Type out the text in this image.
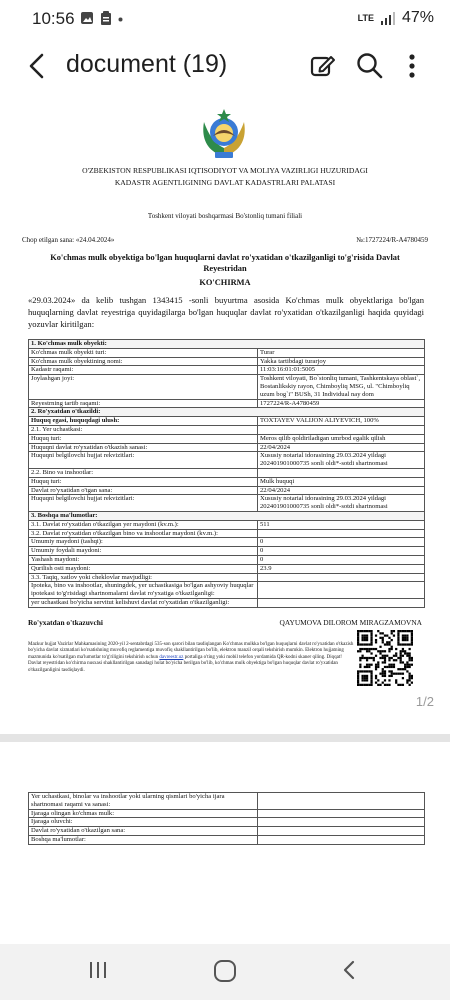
10:56	LTE 47%
document (19)
O'ZBEKISTON RESPUBLIKASI IQTISODIYOT VA MOLIYA VAZIRLIGI HUZURIDAGI
KADASTR AGENTLIGINING DAVLAT KADASTRLARI PALATASI
Toshkent viloyati boshqarmasi Bo'stonliq tumani filiali
Chop etilgan sana: «24.04.2024»	№:1727224/R-A4780459
Ko'chmas mulk obyektiga bo'lgan huquqlarni davlat ro'yxatidan o'tkazilganligi to'g'risida Davlat Reyestridan
KO'CHIRMA
«29.03.2024» da kelib tushgan 1343415 -sonli buyurtma asosida Ko'chmas mulk obyektlariga bo'lgan huquqlarning davlat reyestriga quyidagilarga bo'lgan huquqlar davlat ro'yxatidan o'tkazilganligi haqida quyidagi yozuvlar kiritilgan:
1. Ko'chmas mulk obyekti:	
Ko'chmas mulk obyekti turi:	Turar
Ko'chmas mulk obyektining nomi:	Yakka tartibdagi turarjoy
Kadastr raqami:	11:03:16:01:01:5005
Joylashgan joyi:	Toshkent viloyati, Bo`stonliq tumani, Tashkentskaya oblast`, Bostanlikskiy rayon, Chimboyliq MSG, ul. "Chimboyliq uzum bog`i" BUSh, 31 Individual nay dom
Reyestrning tartib raqami:	1727224/R-A4780459
2. Ro'yxatdan o'tkazildi:	
Huquq egasi, huquqdagi ulush:	TOXTAYEV VALIJON ALIYEVICH, 100%
2.1. Yer uchastkasi:	
Huquq turi:	Meros qilib qoldiriladigan umrbod egalik qilish
Huquqni davlat ro'yxatidan o'tkazish sanasi:	22/04/2024
Huquqni belgilovchi hujjat rekvizitlari:	Xususiy notarial idorasining 29.03.2024 yildagi 202401901000735 sonli oldi*-sotdi shartnomasi
2.2. Bino va inshootlar:	
Huquq turi:	Mulk huquqi
Davlat ro'yxatidan o'tgan sana:	22/04/2024
Huquqni belgilovchi hujjat rekvizitlari:	Xususiy notarial idorasining 29.03.2024 yildagi 202401901000735 sonli oldi*-sotdi shartnomasi
3. Boshqa ma'lumotlar:	
3.1. Davlat ro'yxatidan o'tkazilgan yer maydoni (kv.m.):	511
3.2. Davlat ro'yxatidan o'tkazilgan bino va inshootlar maydoni (kv.m.):	
Umumiy maydoni (tashqi):	0
Umumiy foydali maydoni:	0
Yashash maydoni:	0
Qurilish osti maydoni:	23.9
3.3. Taqiq, xatlov yoki cheklovlar mavjudligi:	
Ipoteka, bino va inshootlar, shuningdek, yer uchastkasiga bo'lgan ashyoviy huquqlar ipotekasi to'g'risidagi shartnomalarni davlat ro'yxatiga o'tkazilganligi:	
yer uchastkasi bo'yicha servitut kelishuvi davlat ro'yxatidan o'tkazilganligi:	
Ro'yxatdan o'tkazuvchi	QAYUMOVA DILOROM MIRAGZAMOVNA
Mazkur hujjat Vazirlar Mahkamasining 2020-yil 2-sentabrdagi 535-son qarori bilan tasdiqlangan Ko'chmas mulkka bo'lgan huquqlarni davlat ro'yxatidan o'tkazish bo'yicha davlat xizmatlari ko'rsatishning muvofiq reglamentiga muvofiq shakllantirilgan bo'lib, elektron manzil orqali tekshirish mumkin. Elektron hujjatning mazmunida ko'rsatilgan ma'lumotlar to'g'riligini tekshirish uchun davreestr.uz portaliga o'ting yoki mobil telefon yordamida QR-kodni skaner qiling. Diqqat! Davlat reyestridan ko'chirma nusxasi shakllantirilgan sanadagi holat bo'yicha berilgan bo'lib, ko'chmas mulk obyektiga bo'lgan huquqlar davlat ro'yxatidan o'tkazilganligini tasdiqlaydi.
1/2
Yer uchastkasi, binolar va inshootlar yoki ularning qismlari bo'yicha ijara shartnomasi raqami va sanasi:	
Ijaraga olingan ko'chmas mulk:	
Ijaraga oluvchi:	
Davlat ro'yxatidan o'tkazilgan sana:	
Boshqa ma'lumotlar:	
